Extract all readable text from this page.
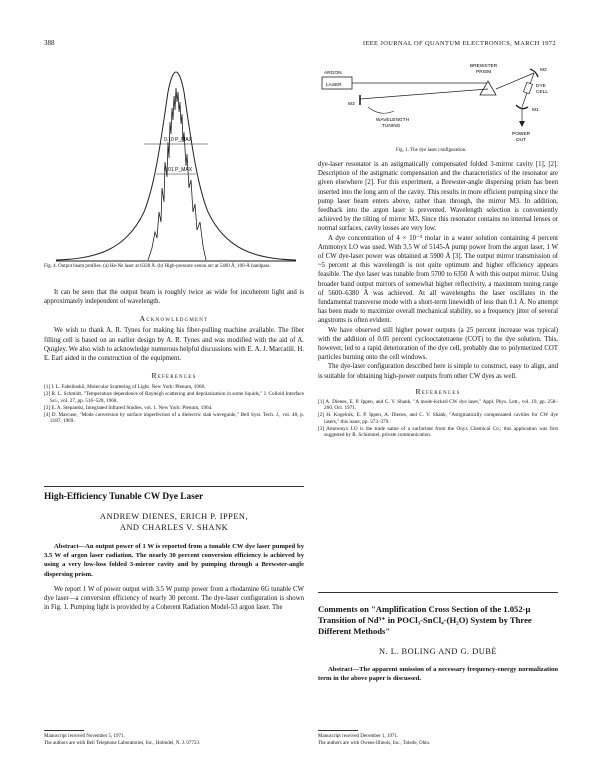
388	IEEE JOURNAL OF QUANTUM ELECTRONICS, MARCH 1972
0.10 P_MAX
0.01 P_MAX
Fig. 4. Output beam profiles. (a) He-Ne laser at 6328 Å. (b) High-pressure xenon arc at 5460 Å, 100-Å bandpass.
ARGON
LASER
BREWSTER
PRISM
M3
WAVELENGTH
TUNING
M2
DYE
CELL
M1
POWER
OUT
Fig. 1. The dye laser configuration.

It can be seen that the output beam is roughly twice as wide for incoherent light and is approximately independent of wavelength.

Acknowledgment

We wish to thank A. R. Tynes for making his fiber-pulling machine available. The fiber filling cell is based on an earlier design by A. R. Tynes and was modified with the aid of A. Quigley. We also wish to acknowledge numerous helpful discussions with E. A. J. Marcatili. H. E. Earl aided in the construction of the equipment.

References

[1] I. L. Fabelinskii, Molecular Scattering of Light. New York: Plenum, 1968.

[2] R. L. Schmidt, "Temperature dependence of Rayleigh scattering and depolarization in some liquids," J. Colloid Interface Sci., vol. 27, pp. 516–528, 1968.

[3] E. A. Stepanski, Integrated Infrared Studies, vol. 1. New York: Plenum, 1964.

[4] D. Marcuse, "Mode conversion by surface imperfection of a dielectric slab waveguide," Bell Syst. Tech. J., vol. 48, p. 3187, 1969.

High-Efficiency Tunable CW Dye Laser
ANDREW DIENES, ERICH P. IPPEN,
AND CHARLES V. SHANK

Abstract—An output power of 1 W is reported from a tunable CW dye laser pumped by 3.5 W of argon laser radiation. The nearly 30 percent conversion efficiency is achieved by using a very low-loss folded 3-mirror cavity and by pumping through a Brewster-angle dispersing prism.

We report 1 W of power output with 3.5 W pump power from a rhodamine 6G tunable CW dye laser—a conversion efficiency of nearly 30 percent. The dye-laser configuration is shown in Fig. 1. Pumping light is provided by a Coherent Radiation Model-53 argon laser. The

Manuscript received November 5, 1971.
The authors are with Bell Telephone Laboratories, Inc., Holmdel, N. J. 07733.

dye-laser resonator is an astigmatically compensated folded 3-mirror cavity [1], [2]. Description of the astigmatic compensation and the characteristics of the resonator are given elsewhere [2]. For this experiment, a Brewster-angle dispersing prism has been inserted into the long arm of the cavity. This results in more efficient pumping since the pump laser beam enters above, rather than through, the mirror M3. In addition, feedback into the argon laser is prevented. Wavelength selection is conveniently achieved by the tilting of mirror M3. Since this resonator contains no internal lenses or normal surfaces, cavity losses are very low.

A dye concentration of 4 × 10⁻⁴ molar in a water solution containing 4 percent Ammonyx LO was used. With 3.5 W of 5145-Å pump power from the argon laser, 1 W of CW dye-laser power was obtained at 5900 Å [3]. The output mirror transmission of ~5 percent at this wavelength is not quite optimum and higher efficiency appears feasible. The dye laser was tunable from 5700 to 6350 Å with this output mirror. Using broader band output mirrors of somewhat higher reflectivity, a maximum tuning range of 5600–6380 Å was achieved. At all wavelengths the laser oscillates in the fundamental transverse mode with a short-term linewidth of less than 0.1 Å. No attempt has been made to maximize overall mechanical stability, so a frequency jitter of several angstroms is often evident.

We have observed still higher power outputs (a 25 percent increase was typical) with the addition of 0.05 percent cyclooctatetraene (COT) to the dye solution. This, however, led to a rapid deterioration of the dye cell, probably due to polymerized COT particles burning onto the cell windows.

The dye-laser configuration described here is simple to construct, easy to align, and is suitable for obtaining high-power outputs from other CW dyes as well.

References

[1] A. Dienes, E. P. Ippen, and C. V. Shank, "A mode-locked CW dye laser," Appl. Phys. Lett., vol. 19, pp. 258–260, Oct. 1971.

[2] H. Kogelnik, E. P. Ippen, A. Dienes, and C. V. Shank, "Astigmatically compensated cavities for CW dye lasers," this issue, pp. 373–379.

[3] Ammonyx LO is the trade name of a surfactant from the Onyx Chemical Co.; this application was first suggested by R. Schimmel, private communication.

Comments on "Amplification Cross Section of the 1.052-μ Transition of Nd³⁺ in POCl₃-SnCl₄-(H₂O) System by Three Different Methods"
N. L. BOLING AND G. DUBÉ

Abstract—The apparent omission of a necessary frequency-energy normalization term in the above paper is discussed.

Manuscript received December 1, 1971.
The authors are with Owens-Illinois, Inc., Toledo, Ohio.
